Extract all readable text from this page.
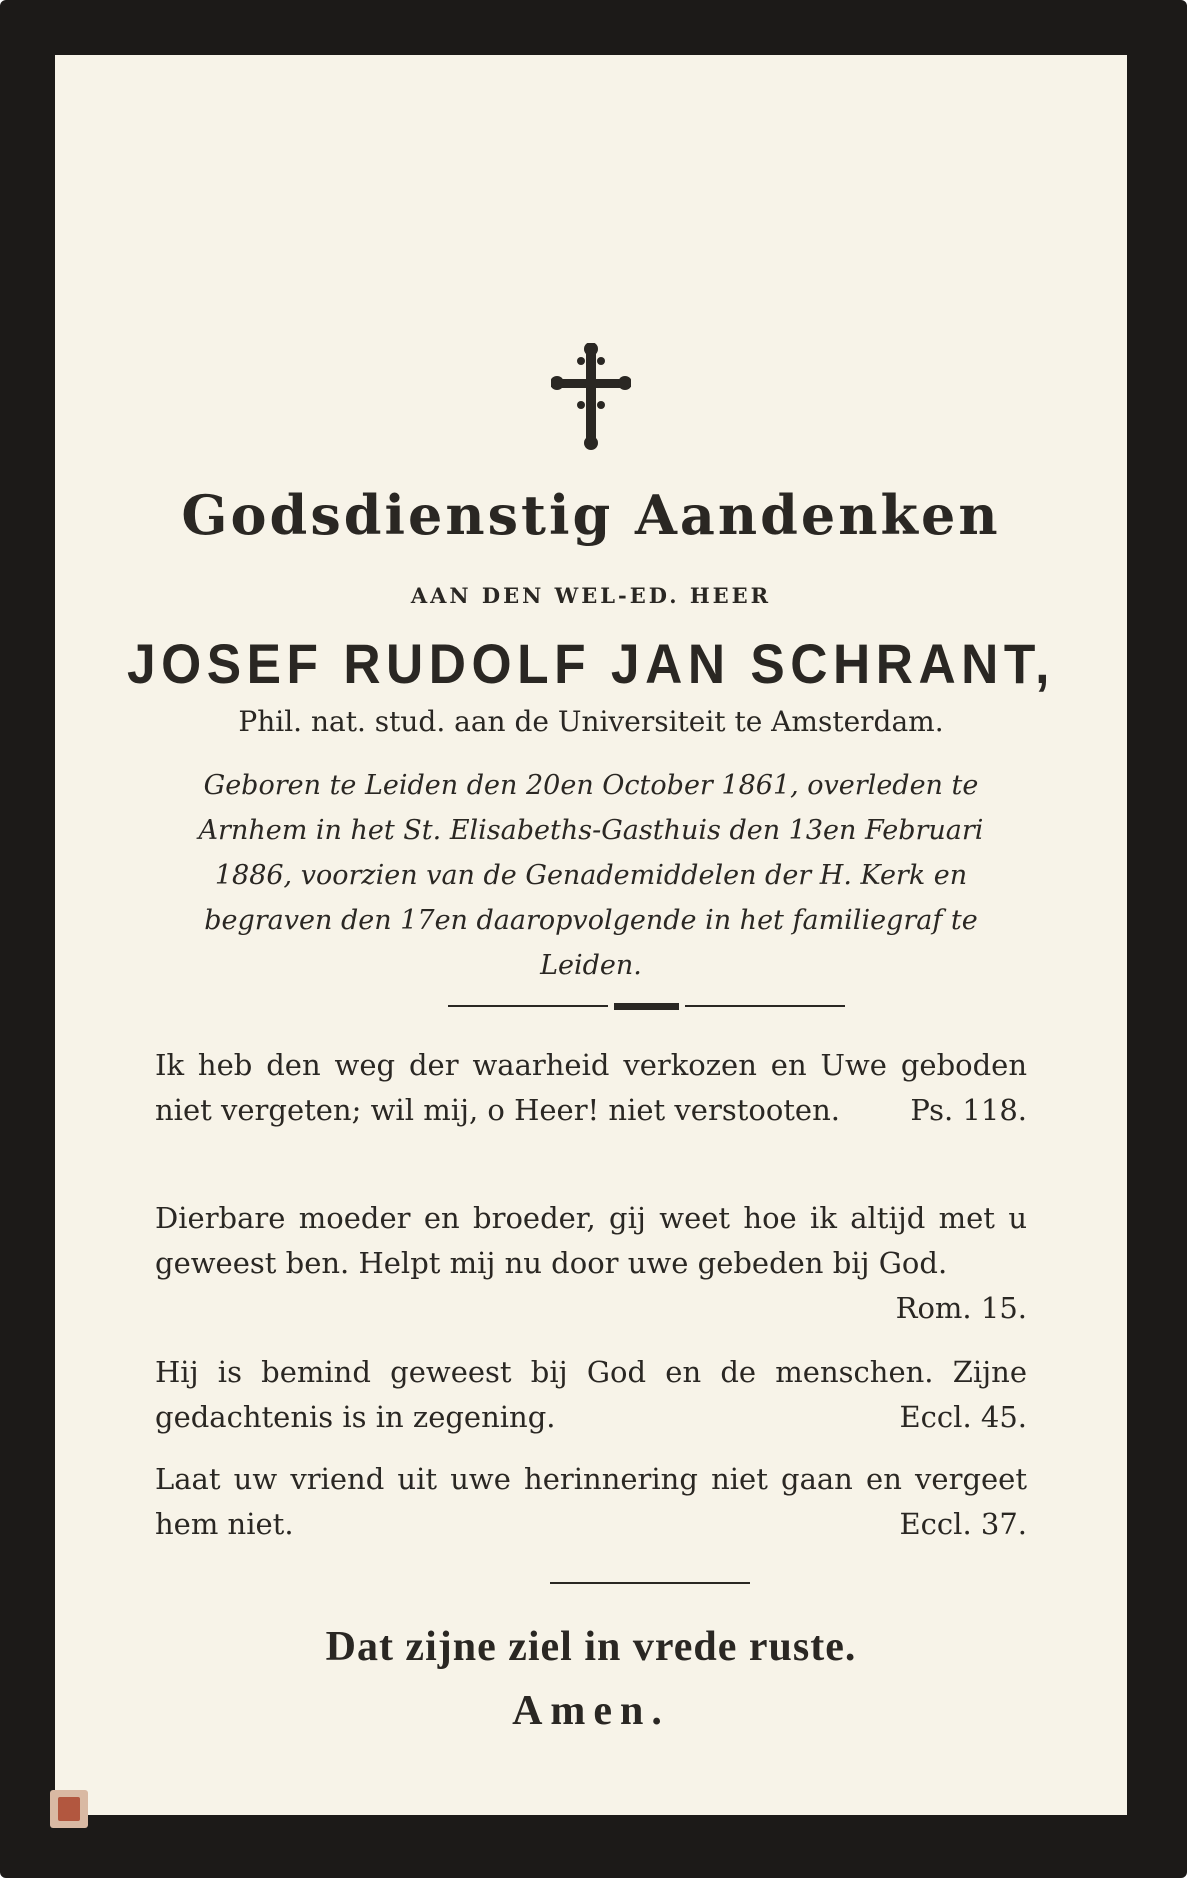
Godsdienstig Aandenken
AAN DEN WEL-ED. HEER
JOSEF RUDOLF JAN SCHRANT,
Phil. nat. stud. aan de Universiteit te Amsterdam.
Geboren te Leiden den 20en October 1861, overleden te Arnhem in het St. Elisabeths-Gasthuis den 13en Februari 1886, voorzien van de Genademiddelen der H. Kerk en begraven den 17en daaropvolgende in het familiegraf te Leiden.
Ik heb den weg der waarheid verkozen en Uwe geboden niet vergeten; wil mij, o Heer! niet verstooten. Ps. 118.
Dierbare moeder en broeder, gij weet hoe ik altijd met u geweest ben. Helpt mij nu door uwe gebeden bij God.
Rom. 15.
Hij is bemind geweest bij God en de menschen. Zijne gedachtenis is in zegening.	Eccl. 45.
Laat uw vriend uit uwe herinnering niet gaan en vergeet hem niet.	Eccl. 37.
Dat zijne ziel in vrede ruste.
Amen.
